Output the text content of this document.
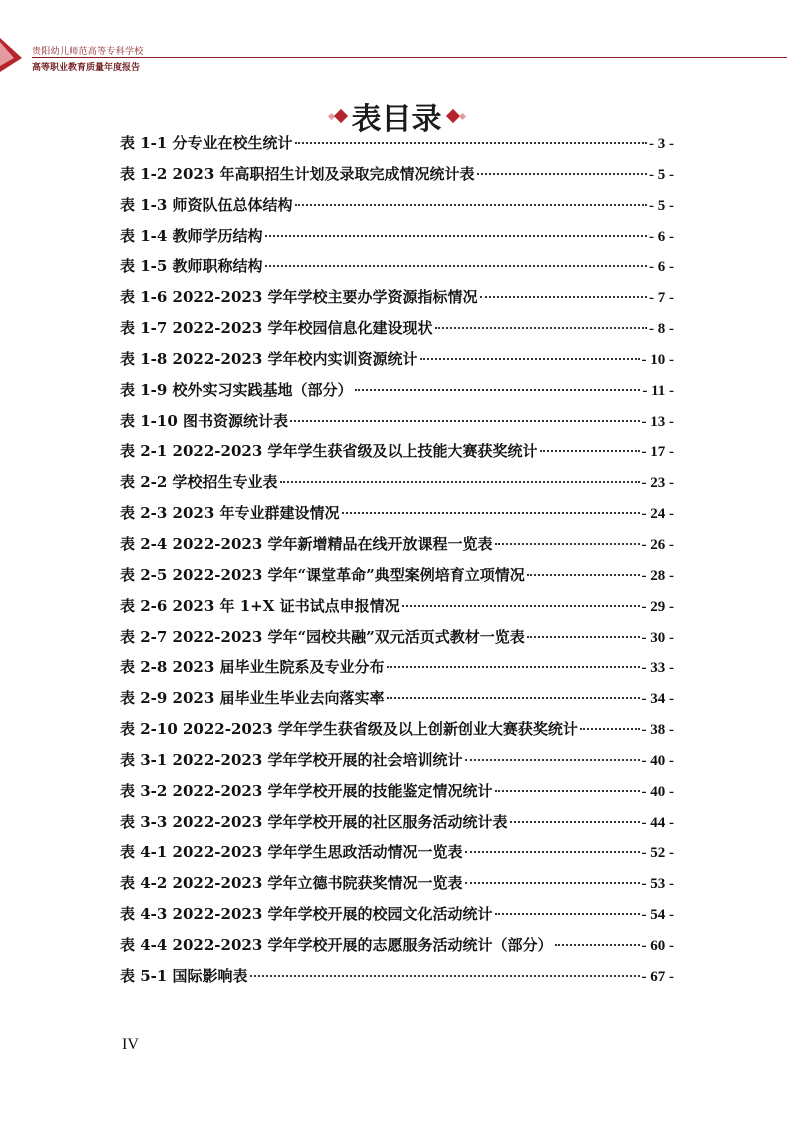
贵阳幼儿师范高等专科学校
高等职业教育质量年度报告
表目录
表 1-1 分专业在校生统计	- 3 -
表 1-2 2023 年高职招生计划及录取完成情况统计表	- 5 -
表 1-3 师资队伍总体结构	- 5 -
表 1-4 教师学历结构	- 6 -
表 1-5 教师职称结构	- 6 -
表 1-6 2022-2023 学年学校主要办学资源指标情况	- 7 -
表 1-7 2022-2023 学年校园信息化建设现状	- 8 -
表 1-8 2022-2023 学年校内实训资源统计	- 10 -
表 1-9 校外实习实践基地（部分）	- 11 -
表 1-10 图书资源统计表	- 13 -
表 2-1 2022-2023 学年学生获省级及以上技能大赛获奖统计	- 17 -
表 2-2 学校招生专业表	- 23 -
表 2-3 2023 年专业群建设情况	- 24 -
表 2-4 2022-2023 学年新增精品在线开放课程一览表	- 26 -
表 2-5 2022-2023 学年“课堂革命”典型案例培育立项情况	- 28 -
表 2-6 2023 年 1+X 证书试点申报情况	- 29 -
表 2-7 2022-2023 学年“园校共融”双元活页式教材一览表	- 30 -
表 2-8 2023 届毕业生院系及专业分布	- 33 -
表 2-9 2023 届毕业生毕业去向落实率	- 34 -
表 2-10 2022-2023 学年学生获省级及以上创新创业大赛获奖统计	- 38 -
表 3-1 2022-2023 学年学校开展的社会培训统计	- 40 -
表 3-2 2022-2023 学年学校开展的技能鉴定情况统计	- 40 -
表 3-3 2022-2023 学年学校开展的社区服务活动统计表	- 44 -
表 4-1 2022-2023 学年学生思政活动情况一览表	- 52 -
表 4-2 2022-2023 学年立德书院获奖情况一览表	- 53 -
表 4-3 2022-2023 学年学校开展的校园文化活动统计	- 54 -
表 4-4 2022-2023 学年学校开展的志愿服务活动统计（部分）	- 60 -
表 5-1 国际影响表	- 67 -
IV
